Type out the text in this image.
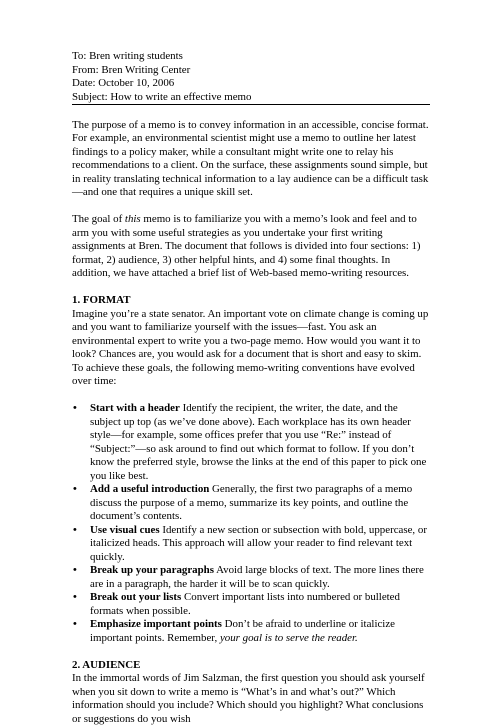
To: Bren writing students
From: Bren Writing Center
Date: October 10, 2006
Subject: How to write an effective memo

The purpose of a memo is to convey information in an accessible, concise format. For example, an environmental scientist might use a memo to outline her latest findings to a policy maker, while a consultant might write one to relay his recommendations to a client. On the surface, these assignments sound simple, but in reality translating technical information to a lay audience can be a difficult task—and one that requires a unique skill set.

The goal of this memo is to familiarize you with a memo’s look and feel and to arm you with some useful strategies as you undertake your first writing assignments at Bren. The document that follows is divided into four sections: 1) format, 2) audience, 3) other helpful hints, and 4) some final thoughts. In addition, we have attached a brief list of Web-based memo-writing resources.

1. FORMAT

Imagine you’re a state senator. An important vote on climate change is coming up and you want to familiarize yourself with the issues—fast. You ask an environmental expert to write you a two-page memo. How would you want it to look? Chances are, you would ask for a document that is short and easy to skim. To achieve these goals, the following memo-writing conventions have evolved over time:

• Start with a header Identify the recipient, the writer, the date, and the subject up top (as we’ve done above). Each workplace has its own header style—for example, some offices prefer that you use “Re:” instead of “Subject:”—so ask around to find out which format to follow. If you don’t know the preferred style, browse the links at the end of this paper to pick one you like best.
• Add a useful introduction Generally, the first two paragraphs of a memo discuss the purpose of a memo, summarize its key points, and outline the document’s contents.
• Use visual cues Identify a new section or subsection with bold, uppercase, or italicized heads. This approach will allow your reader to find relevant text quickly.
• Break up your paragraphs Avoid large blocks of text. The more lines there are in a paragraph, the harder it will be to scan quickly.
• Break out your lists Convert important lists into numbered or bulleted formats when possible.
• Emphasize important points Don’t be afraid to underline or italicize important points. Remember, your goal is to serve the reader.
2. AUDIENCE

In the immortal words of Jim Salzman, the first question you should ask yourself when you sit down to write a memo is “What’s in and what’s out?” Which information should you include? Which should you highlight? What conclusions or suggestions do you wish
